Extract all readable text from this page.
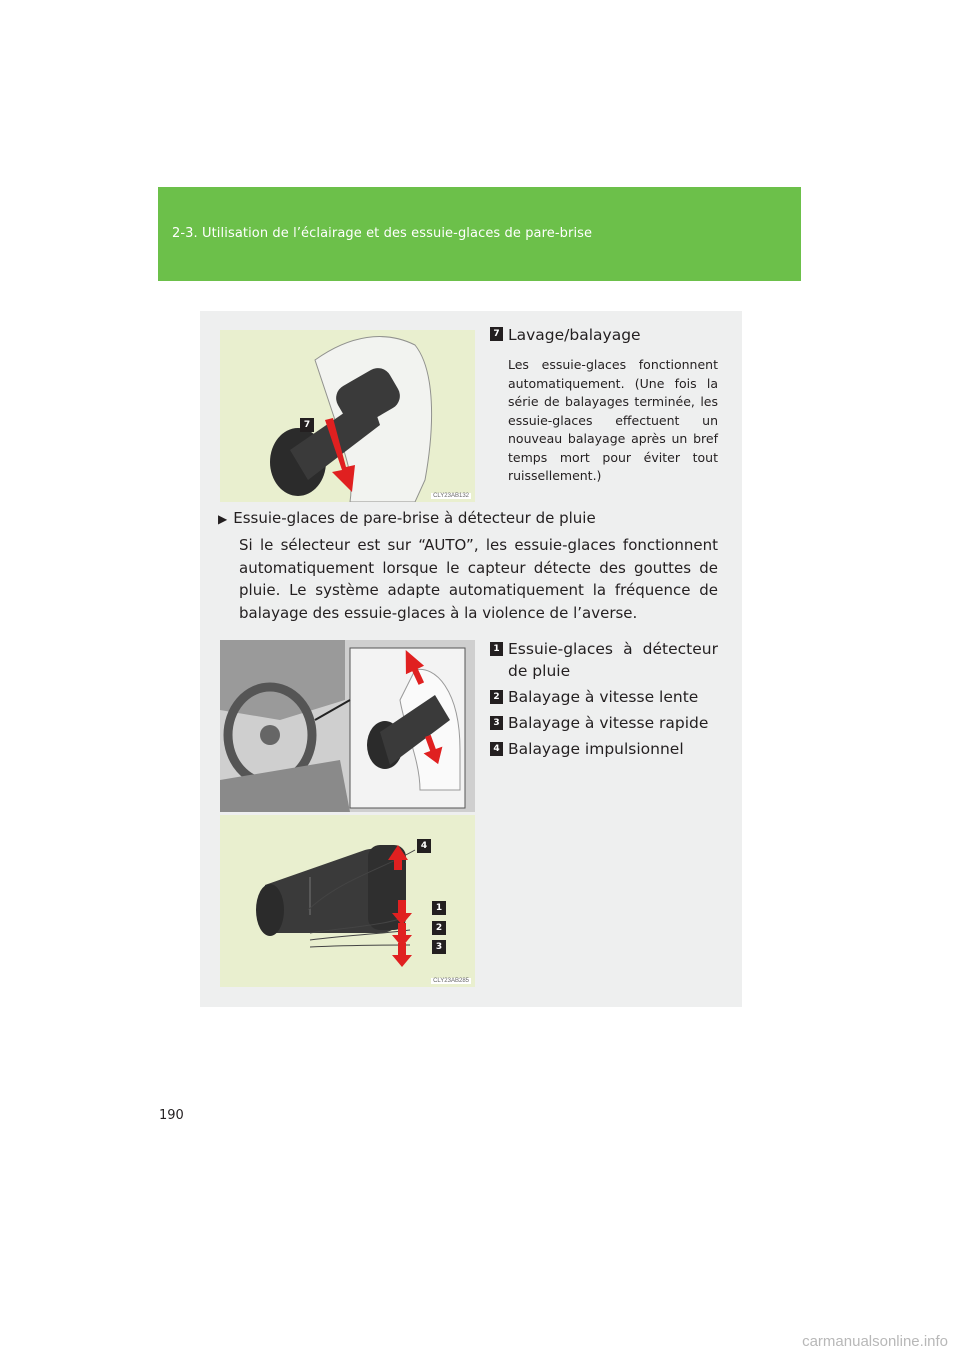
2-3. Utilisation de l’éclairage et des essuie-glaces de pare-brise
7
CLY23AB132
7 Lavage/balayage
Les essuie-glaces fonctionnent automatiquement. (Une fois la série de balayages terminée, les essuie-glaces effectuent un nouveau balayage après un bref temps mort pour éviter tout ruissellement.)
▶ Essuie-glaces de pare-brise à détecteur de pluie
Si le sélecteur est sur “AUTO”, les essuie-glaces fonctionnent automatiquement lorsque le capteur détecte des gouttes de pluie. Le système adapte automatiquement la fréquence de balayage des essuie-glaces à la violence de l’averse.
4
1
2
3
CLY23AB285
1 Essuie-glaces à détecteur de pluie
2 Balayage à vitesse lente
3 Balayage à vitesse rapide
4 Balayage impulsionnel
190
carmanualsonline.info
